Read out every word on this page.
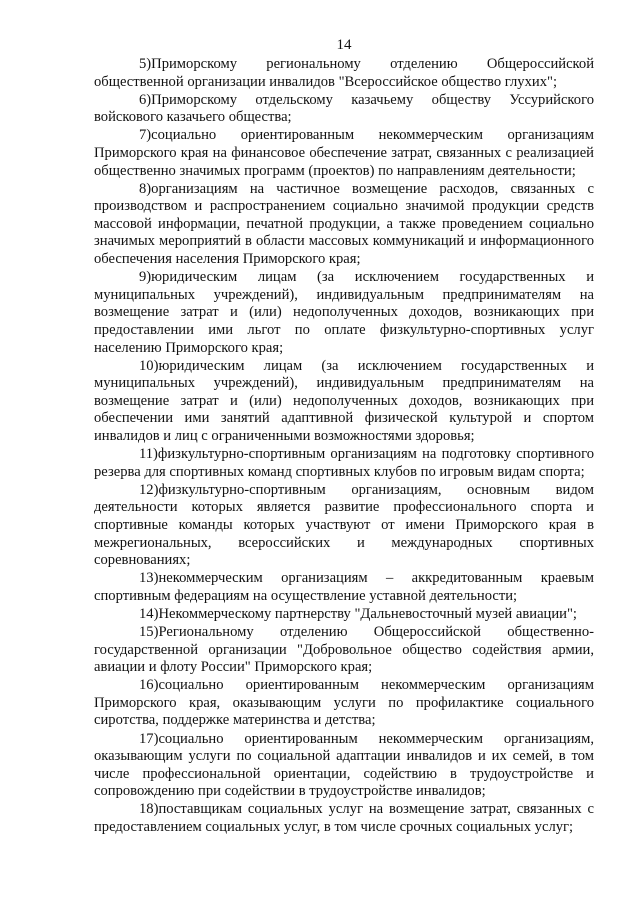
14

5)Приморскому региональному отделению Общероссийской общественной организации инвалидов "Всероссийское общество глухих";

6)Приморскому отдельскому казачьему обществу Уссурийского войскового казачьего общества;

7)социально ориентированным некоммерческим организациям Приморского края на финансовое обеспечение затрат, связанных с реализацией общественно значимых программ (проектов) по направлениям деятельности;

8)организациям на частичное возмещение расходов, связанных с производством и распространением социально значимой продукции средств массовой информации, печатной продукции, а также проведением социально значимых мероприятий в области массовых коммуникаций и информационного обеспечения населения Приморского края;

9)юридическим лицам (за исключением государственных и муниципальных учреждений), индивидуальным предпринимателям на возмещение затрат и (или) недополученных доходов, возникающих при предоставлении ими льгот по оплате физкультурно-спортивных услуг населению Приморского края;

10)юридическим лицам (за исключением государственных и муниципальных учреждений), индивидуальным предпринимателям на возмещение затрат и (или) недополученных доходов, возникающих при обеспечении ими занятий адаптивной физической культурой и спортом инвалидов и лиц с ограниченными возможностями здоровья;

11)физкультурно-спортивным организациям на подготовку спортивного резерва для спортивных команд спортивных клубов по игровым видам спорта;

12)физкультурно-спортивным организациям, основным видом деятельности которых является развитие профессионального спорта и спортивные команды которых участвуют от имени Приморского края в межрегиональных, всероссийских и международных спортивных соревнованиях;

13)некоммерческим организациям – аккредитованным краевым спортивным федерациям на осуществление уставной деятельности;

14)Некоммерческому партнерству "Дальневосточный музей авиации";

15)Региональному отделению Общероссийской общественно-государственной организации "Добровольное общество содействия армии, авиации и флоту России" Приморского края;

16)социально ориентированным некоммерческим организациям Приморского края, оказывающим услуги по профилактике социального сиротства, поддержке материнства и детства;

17)социально ориентированным некоммерческим организациям, оказывающим услуги по социальной адаптации инвалидов и их семей, в том числе профессиональной ориентации, содействию в трудоустройстве и сопровождению при содействии в трудоустройстве инвалидов;

18)поставщикам социальных услуг на возмещение затрат, связанных с предоставлением социальных услуг, в том числе срочных социальных услуг;
